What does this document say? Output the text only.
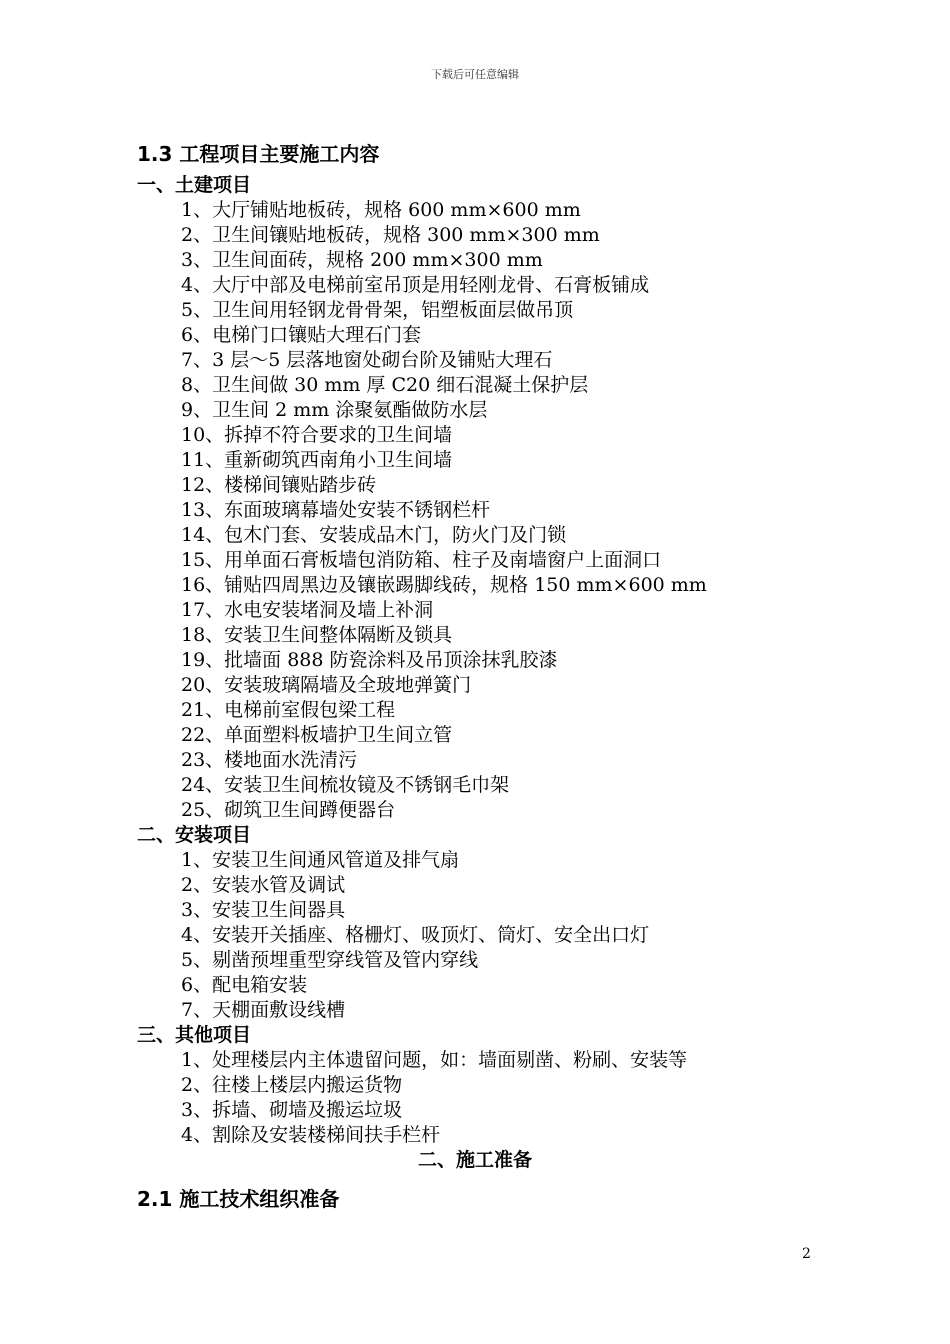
下载后可任意编辑
1.3 工程项目主要施工内容
一、土建项目
1、大厅铺贴地板砖，规格 600 mm×600 mm
2、卫生间镶贴地板砖，规格 300 mm×300 mm
3、卫生间面砖，规格 200 mm×300 mm
4、大厅中部及电梯前室吊顶是用轻刚龙骨、石膏板铺成
5、卫生间用轻钢龙骨骨架，铝塑板面层做吊顶
6、电梯门口镶贴大理石门套
7、3 层～5 层落地窗处砌台阶及铺贴大理石
8、卫生间做 30 mm 厚 C20 细石混凝土保护层
9、卫生间 2 mm 涂聚氨酯做防水层
10、拆掉不符合要求的卫生间墙
11、重新砌筑西南角小卫生间墙
12、楼梯间镶贴踏步砖
13、东面玻璃幕墙处安装不锈钢栏杆
14、包木门套、安装成品木门，防火门及门锁
15、用单面石膏板墙包消防箱、柱子及南墙窗户上面洞口
16、铺贴四周黑边及镶嵌踢脚线砖，规格 150 mm×600 mm
17、水电安装堵洞及墙上补洞
18、安装卫生间整体隔断及锁具
19、批墙面 888 防瓷涂料及吊顶涂抹乳胶漆
20、安装玻璃隔墙及全玻地弹簧门
21、电梯前室假包梁工程
22、单面塑料板墙护卫生间立管
23、楼地面水洗清污
24、安装卫生间梳妆镜及不锈钢毛巾架
25、砌筑卫生间蹲便器台
二、安装项目
1、安装卫生间通风管道及排气扇
2、安装水管及调试
3、安装卫生间器具
4、安装开关插座、格栅灯、吸顶灯、筒灯、安全出口灯
5、剔凿预埋重型穿线管及管内穿线
6、配电箱安装
7、天棚面敷设线槽
三、其他项目
1、处理楼层内主体遗留问题，如：墙面剔凿、粉刷、安装等
2、往楼上楼层内搬运货物
3、拆墙、砌墙及搬运垃圾
4、割除及安装楼梯间扶手栏杆
二、施工准备
2.1 施工技术组织准备
2
